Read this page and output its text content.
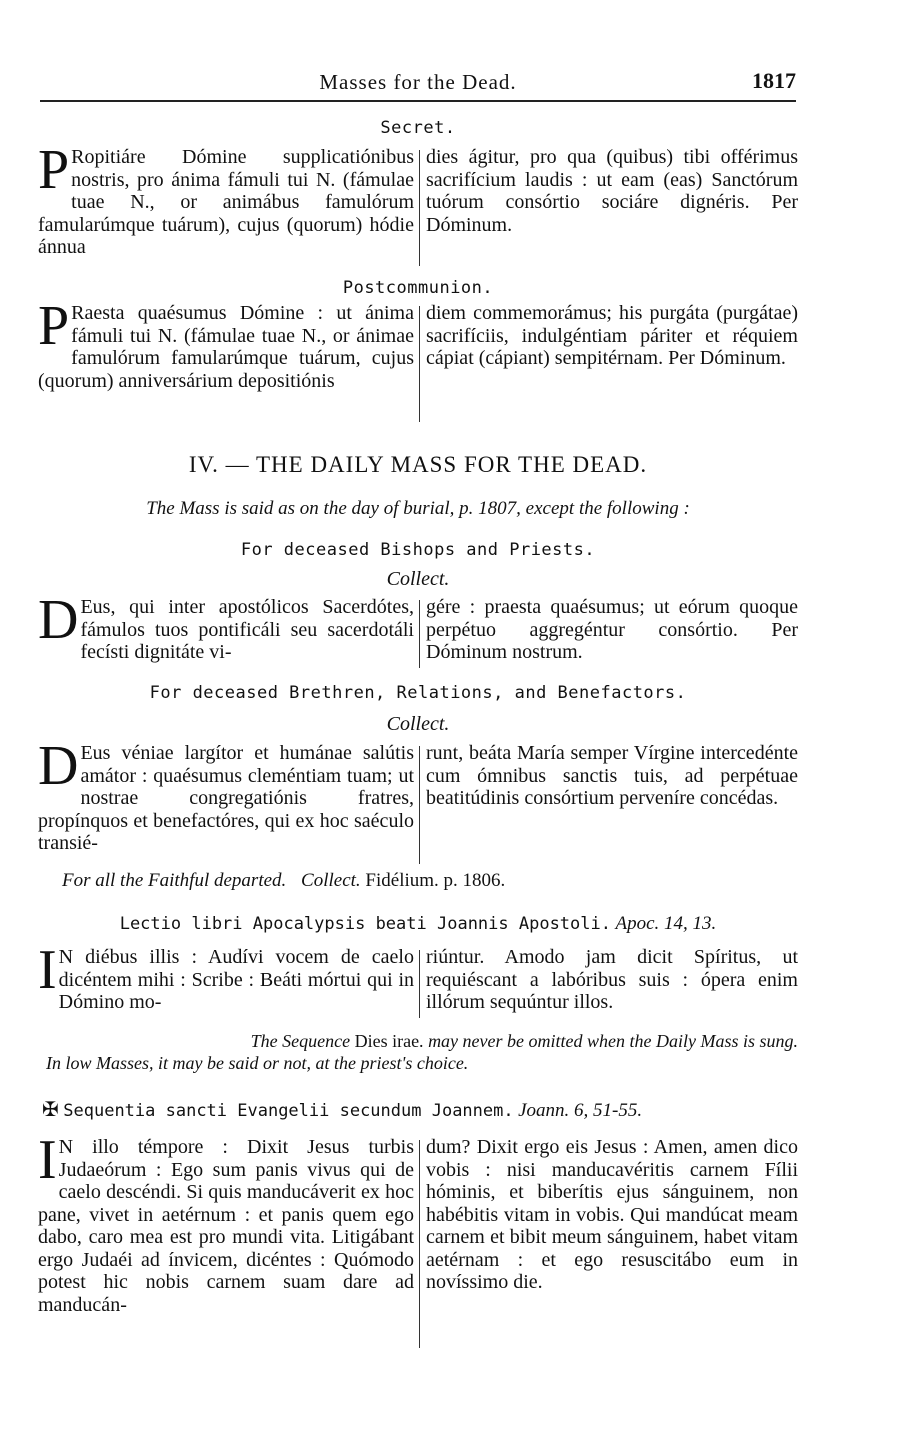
Masses for the Dead.	1817
Secret.
P Ropitiáre Dómine supplicatiónibus nostris, pro ánima fámuli tui N. (fámulae tuae N., or animábus famulórum famularúmque tuárum), cujus (quorum) hódie ánnua
dies ágitur, pro qua (quibus) tibi offérimus sacrifícium laudis : ut eam (eas) Sanctórum tuórum consórtio sociáre dignéris. Per Dóminum.
Postcommunion.
P Raesta quaésumus Dómine : ut ánima fámuli tui N. (fámulae tuae N., or ánimae famulórum famularúmque tuárum, cujus (quorum) anniversárium depositiónis
diem commemorámus; his purgáta (purgátae) sacrifíciis, indulgéntiam páriter et réquiem cápiat (cápiant) sempitérnam. Per Dóminum.
IV. — THE DAILY MASS FOR THE DEAD.
The Mass is said as on the day of burial, p. 1807, except the following :
For deceased Bishops and Priests.
Collect.
D Eus, qui inter apostólicos Sacerdótes, fámulos tuos pontificáli seu sacerdotáli fecísti dignitáte vi-
gére : praesta quaésumus; ut eórum quoque perpétuo aggregéntur consórtio. Per Dóminum nostrum.
For deceased Brethren, Relations, and Benefactors.
Collect.
D Eus véniae largítor et humánae salútis amátor : quaésumus cleméntiam tuam; ut nostrae congregatiónis fratres, propínquos et benefactóres, qui ex hoc saéculo transié-
runt, beáta María semper Vírgine intercedénte cum ómnibus sanctis tuis, ad perpétuae beatitúdinis consórtium perveníre concédas.
For all the Faithful departed. Collect. Fidélium. p. 1806.
Lectio libri Apocalypsis beati Joannis Apostoli. Apoc. 14, 13.
I N diébus illis : Audívi vocem de caelo dicéntem mihi : Scribe : Beáti mórtui qui in Dómino mo-
riúntur. Amodo jam dicit Spíritus, ut requiéscant a labóribus suis : ópera enim illórum sequúntur illos.
The Sequence Dies irae. may never be omitted when the Daily Mass is sung.
In low Masses, it may be said or not, at the priest's choice.
✠ Sequentia sancti Evangelii secundum Joannem. Joann. 6, 51-55.
I N illo témpore : Dixit Jesus turbis Judaeórum : Ego sum panis vivus qui de caelo descéndi. Si quis manducáverit ex hoc pane, vivet in aetérnum : et panis quem ego dabo, caro mea est pro mundi vita. Litigábant ergo Judaéi ad ínvicem, dicéntes : Quómodo potest hic nobis carnem suam dare ad manducán-
dum? Dixit ergo eis Jesus : Amen, amen dico vobis : nisi manducavéritis carnem Fílii hóminis, et biberítis ejus sánguinem, non habébitis vitam in vobis. Qui mandúcat meam carnem et bibit meum sánguinem, habet vitam aetérnam : et ego resuscitábo eum in novíssimo die.
